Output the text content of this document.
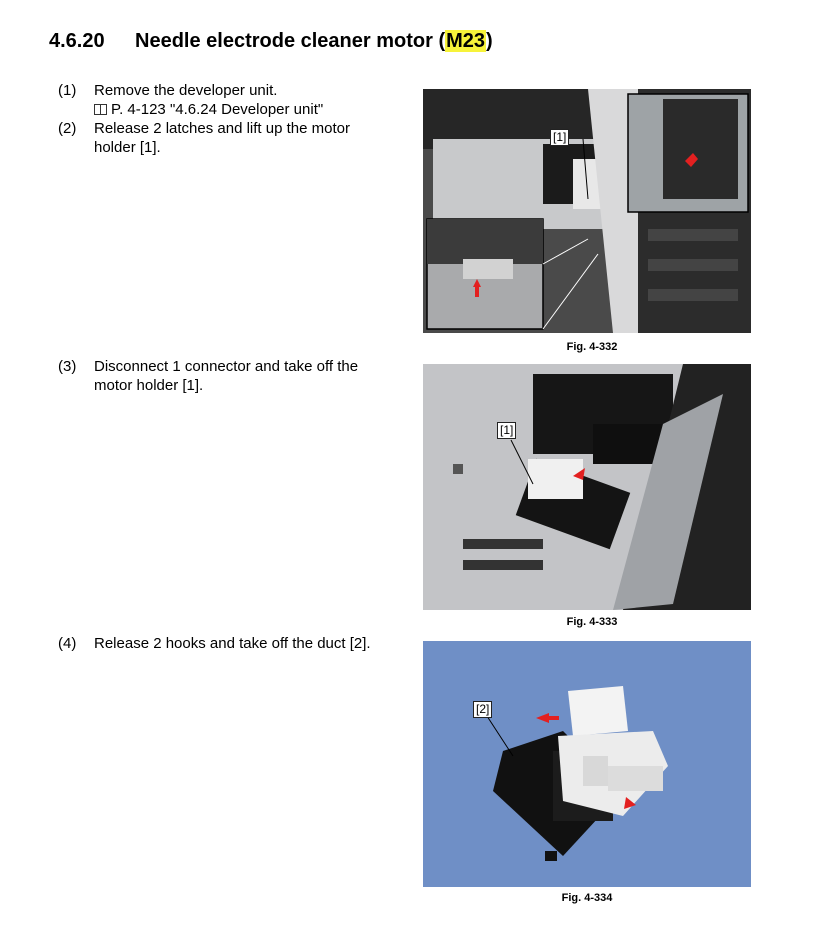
4.6.20 Needle electrode cleaner motor (M23)
(1) Remove the developer unit.
P. 4-123 "4.6.24 Developer unit"
(2) Release 2 latches and lift up the motor
holder [1].
[1]
Fig. 4-332
(3) Disconnect 1 connector and take off the
motor holder [1].
[1]
Fig. 4-333
(4) Release 2 hooks and take off the duct [2].
[2]
Fig. 4-334
